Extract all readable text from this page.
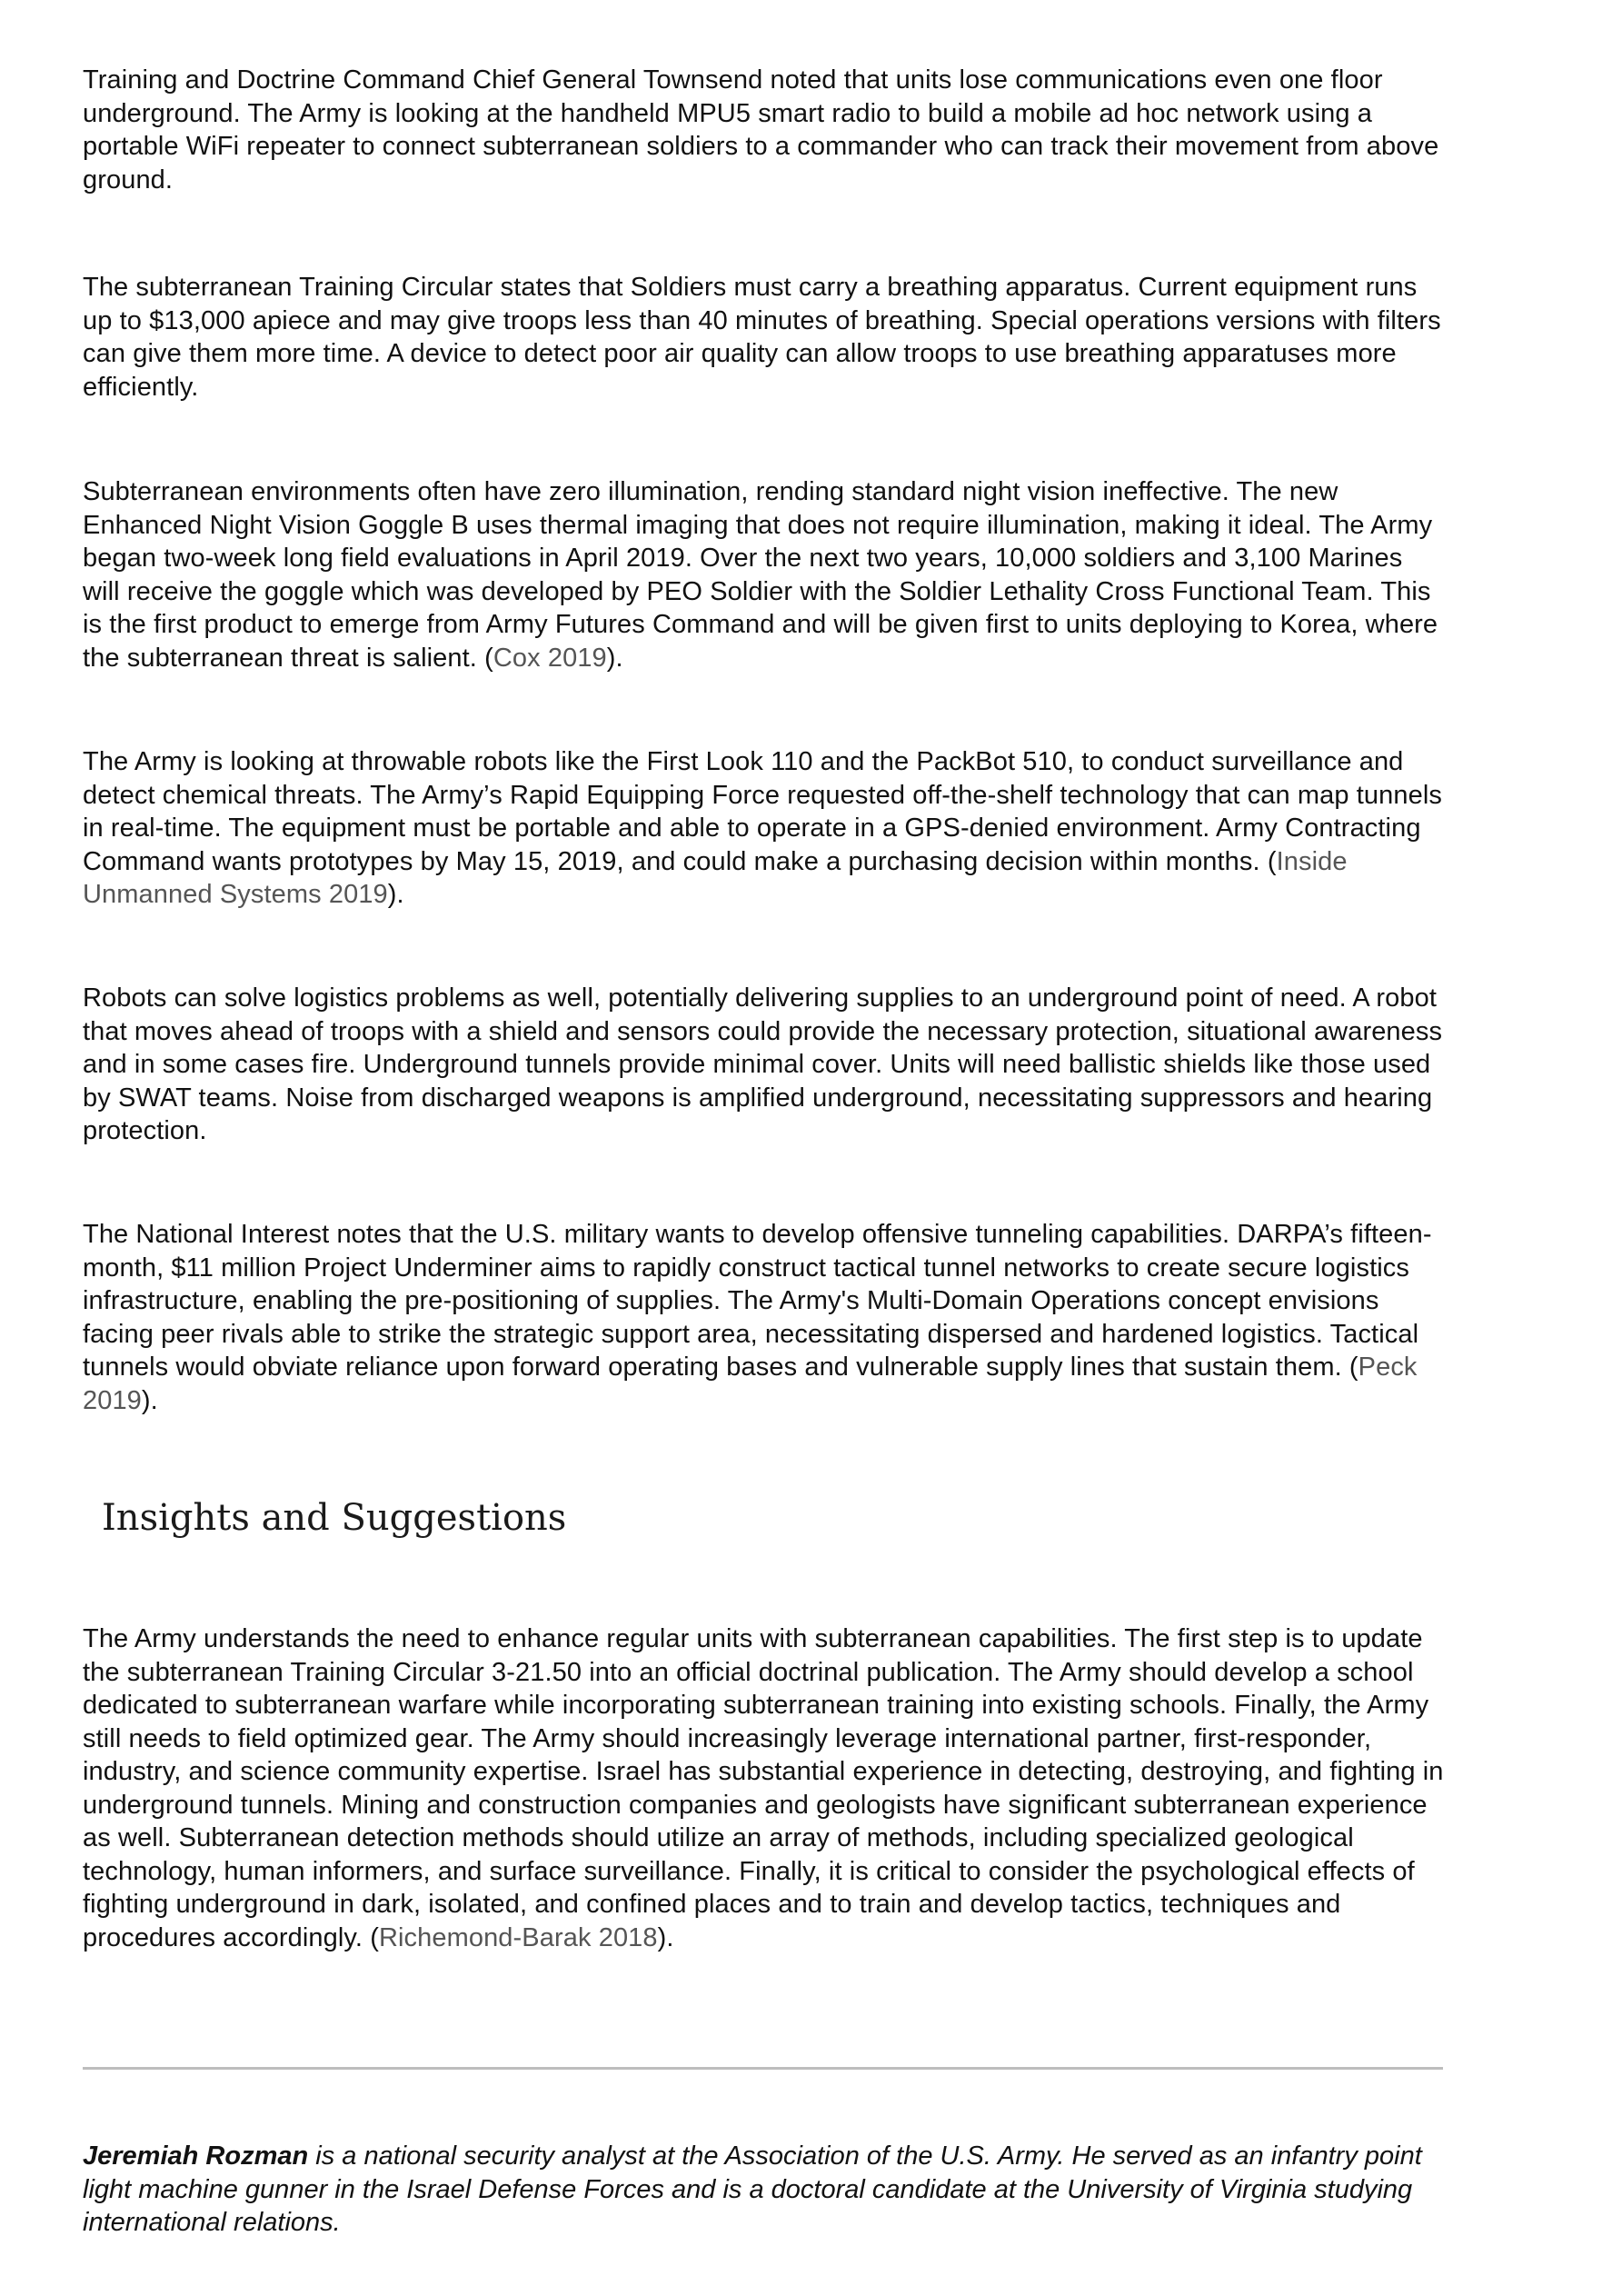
Training and Doctrine Command Chief General Townsend noted that units lose communications even one floor underground. The Army is looking at the handheld MPU5 smart radio to build a mobile ad hoc network using a portable WiFi repeater to connect subterranean soldiers to a commander who can track their movement from above ground.

The subterranean Training Circular states that Soldiers must carry a breathing apparatus. Current equipment runs up to $13,000 apiece and may give troops less than 40 minutes of breathing. Special operations versions with filters can give them more time. A device to detect poor air quality can allow troops to use breathing apparatuses more efficiently.

Subterranean environments often have zero illumination, rending standard night vision ineffective. The new Enhanced Night Vision Goggle B uses thermal imaging that does not require illumination, making it ideal. The Army began two-week long field evaluations in April 2019. Over the next two years, 10,000 soldiers and 3,100 Marines will receive the goggle which was developed by PEO Soldier with the Soldier Lethality Cross Functional Team. This is the first product to emerge from Army Futures Command and will be given first to units deploying to Korea, where the subterranean threat is salient. (Cox 2019).

The Army is looking at throwable robots like the First Look 110 and the PackBot 510, to conduct surveillance and detect chemical threats. The Army’s Rapid Equipping Force requested off-the-shelf technology that can map tunnels in real-time. The equipment must be portable and able to operate in a GPS-denied environment. Army Contracting Command wants prototypes by May 15, 2019, and could make a purchasing decision within months. (Inside Unmanned Systems 2019).

Robots can solve logistics problems as well, potentially delivering supplies to an underground point of need. A robot that moves ahead of troops with a shield and sensors could provide the necessary protection, situational awareness and in some cases fire. Underground tunnels provide minimal cover. Units will need ballistic shields like those used by SWAT teams. Noise from discharged weapons is amplified underground, necessitating suppressors and hearing protection.

The National Interest notes that the U.S. military wants to develop offensive tunneling capabilities. DARPA’s fifteen-month, $11 million Project Underminer aims to rapidly construct tactical tunnel networks to create secure logistics infrastructure, enabling the pre-positioning of supplies. The Army's Multi-Domain Operations concept envisions facing peer rivals able to strike the strategic support area, necessitating dispersed and hardened logistics. Tactical tunnels would obviate reliance upon forward operating bases and vulnerable supply lines that sustain them. (Peck 2019).

Insights and Suggestions

The Army understands the need to enhance regular units with subterranean capabilities. The first step is to update the subterranean Training Circular 3-21.50 into an official doctrinal publication. The Army should develop a school dedicated to subterranean warfare while incorporating subterranean training into existing schools. Finally, the Army still needs to field optimized gear. The Army should increasingly leverage international partner, first-responder, industry, and science community expertise. Israel has substantial experience in detecting, destroying, and fighting in underground tunnels. Mining and construction companies and geologists have significant subterranean experience as well. Subterranean detection methods should utilize an array of methods, including specialized geological technology, human informers, and surface surveillance. Finally, it is critical to consider the psychological effects of fighting underground in dark, isolated, and confined places and to train and develop tactics, techniques and procedures accordingly. (Richemond-Barak 2018).

Jeremiah Rozman is a national security analyst at the Association of the U.S. Army. He served as an infantry point light machine gunner in the Israel Defense Forces and is a doctoral candidate at the University of Virginia studying international relations.
